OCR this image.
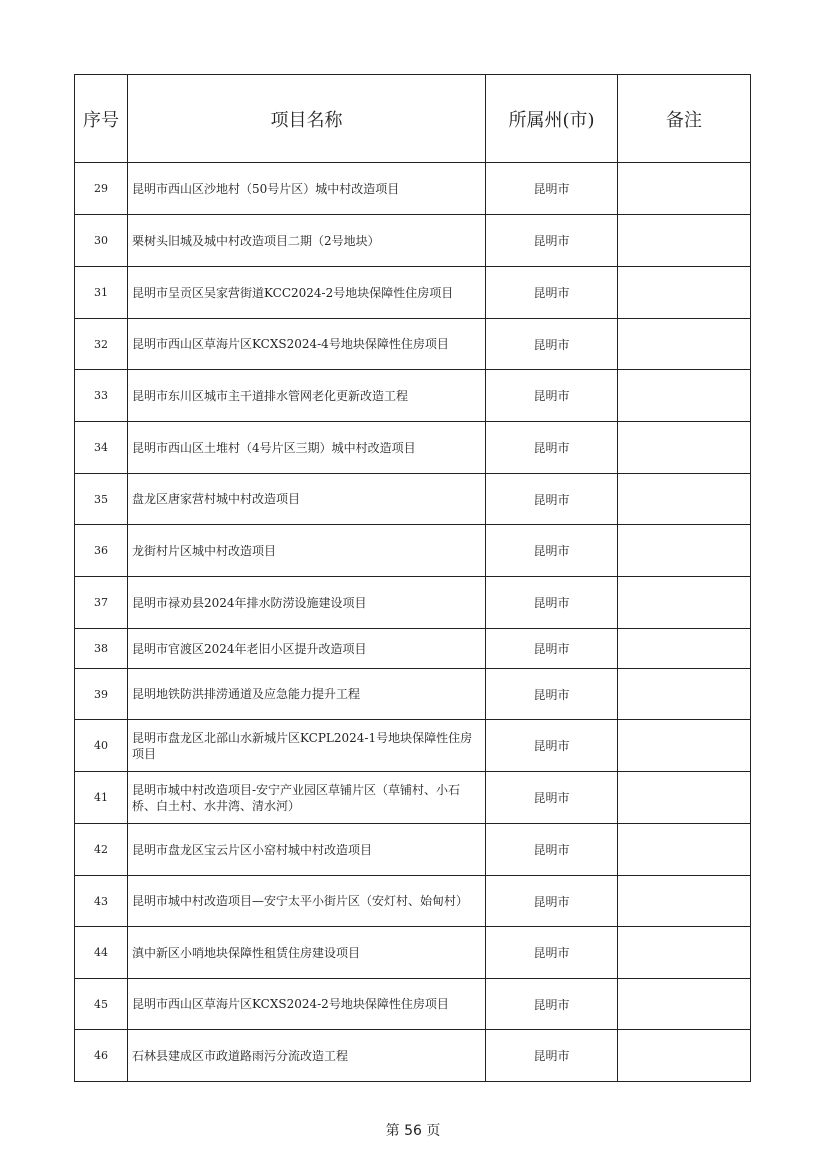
序号	项目名称	所属州(市)	备注
29	昆明市西山区沙地村（50号片区）城中村改造项目	昆明市	
30	栗树头旧城及城中村改造项目二期（2号地块）	昆明市	
31	昆明市呈贡区吴家营街道KCC2024-2号地块保障性住房项目	昆明市	
32	昆明市西山区草海片区KCXS2024-4号地块保障性住房项目	昆明市	
33	昆明市东川区城市主干道排水管网老化更新改造工程	昆明市	
34	昆明市西山区土堆村（4号片区三期）城中村改造项目	昆明市	
35	盘龙区唐家营村城中村改造项目	昆明市	
36	龙街村片区城中村改造项目	昆明市	
37	昆明市禄劝县2024年排水防涝设施建设项目	昆明市	
38	昆明市官渡区2024年老旧小区提升改造项目	昆明市	
39	昆明地铁防洪排涝通道及应急能力提升工程	昆明市	
40	昆明市盘龙区北部山水新城片区KCPL2024-1号地块保障性住房项目	昆明市	
41	昆明市城中村改造项目-安宁产业园区草铺片区（草铺村、小石桥、白土村、水井湾、清水河）	昆明市	
42	昆明市盘龙区宝云片区小窑村城中村改造项目	昆明市	
43	昆明市城中村改造项目—安宁太平小街片区（安灯村、始甸村）	昆明市	
44	滇中新区小哨地块保障性租赁住房建设项目	昆明市	
45	昆明市西山区草海片区KCXS2024-2号地块保障性住房项目	昆明市	
46	石林县建成区市政道路雨污分流改造工程	昆明市	
第 56 页
